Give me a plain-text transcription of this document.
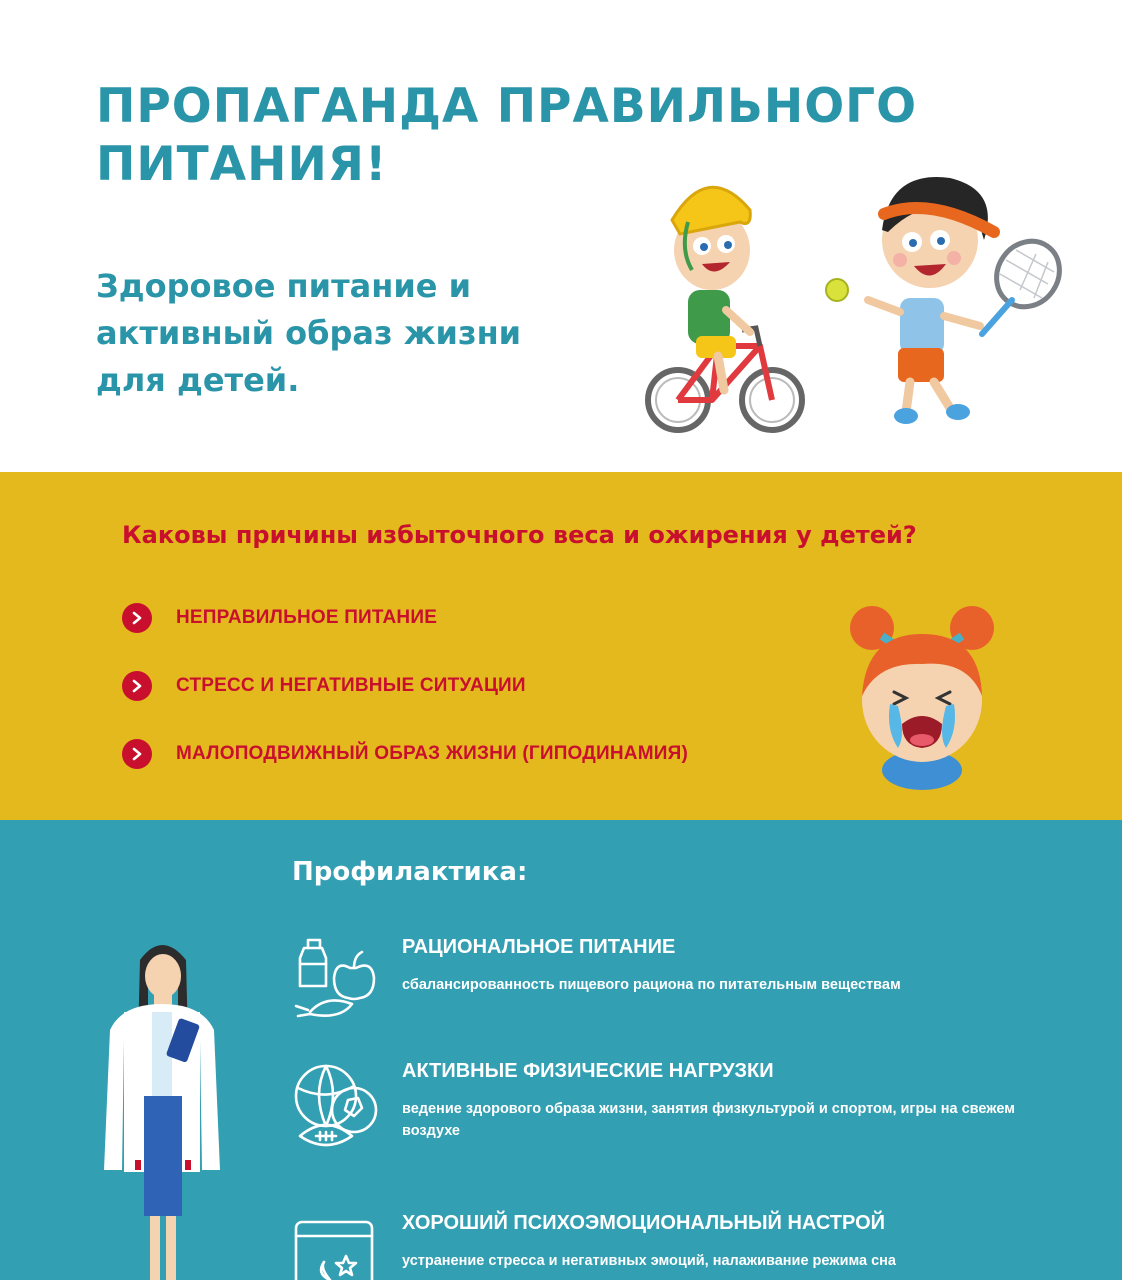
ПРОПАГАНДА ПРАВИЛЬНОГО ПИТАНИЯ!

Здоровое питание и активный образ жизни для детей.

Каковы причины избыточного веса и ожирения у детей?
НЕПРАВИЛЬНОЕ ПИТАНИЕ
СТРЕСС И НЕГАТИВНЫЕ СИТУАЦИИ
МАЛОПОДВИЖНЫЙ ОБРАЗ ЖИЗНИ (ГИПОДИНАМИЯ)
Профилактика:
РАЦИОНАЛЬНОЕ ПИТАНИЕ
сбалансированность пищевого рациона по питательным веществам
АКТИВНЫЕ ФИЗИЧЕСКИЕ НАГРУЗКИ
ведение здорового образа жизни, занятия физкультурой и спортом, игры на свежем воздухе
ХОРОШИЙ ПСИХОЭМОЦИОНАЛЬНЫЙ НАСТРОЙ
устранение стресса и негативных эмоций, налаживание режима сна
